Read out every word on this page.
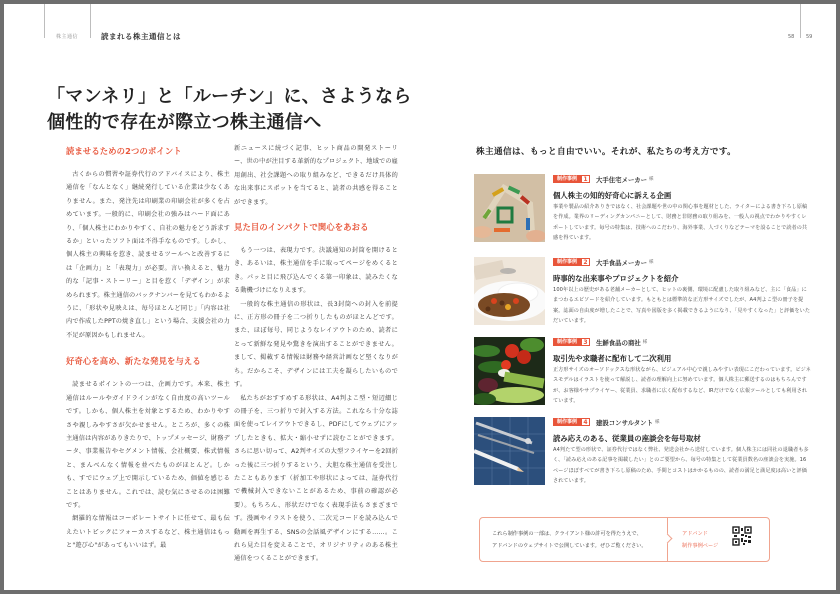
株主通信	読まれる株主通信とは	58 59
「マンネリ」と「ルーチン」に、さようなら
個性的で存在が際立つ株主通信へ
読ませるための2つのポイント

古くからの慣習や証券代行のアドバイスにより、株主通信を「なんとなく」継続発行している企業は少なくありません。また、発注先は印刷業の印刷会社が多くを占めています。一般的に、印刷会社の強みはハード面にあり、「個人株主にわかりやすく、自社の魅力をどう訴求するか」といったソフト面は不得手なものです。しかし、個人株主の興味を惹き、読ませるツールへと改善するには「企画力」と「表現力」が必要。言い換えると、魅力的な「記事・ストーリー」と目を惹く「デザイン」が求められます。株主通信のバックナンバーを見てもわかるように、「形状や見映えは、毎号ほとんど同じ」「内容は社内で作成したPPTの焼き直し」という場合、支援会社の力不足が原因かもしれません。

好奇心を高め、新たな発見を与える

読ませるポイントの一つは、企画力です。本来、株主通信はルールやガイドラインがなく自由度の高いツールです。しかも、個人株主を対象とするため、わかりやすさや親しみやすさが欠かせません。ところが、多くの株主通信は内容がありきたりで、トップメッセージ、財務データ、事業報告やセグメント情報、会社概要、株式情報と、まんべんなく情報を並べたものがほとんど。しかも、すでにウェブ上で開示しているため、価値を感じることはありません。これでは、読む気にさせるのは困難です。

網羅的な情報はコーポレートサイトに任せて、最も伝えたいトピックにフォーカスするなど、株主通信はもっと"遊び心"があってもいいはず。最

新ニュースに続づく記事、ヒット商品の開発ストーリー、世の中が注目する革新的なプロジェクト、地域での雇用創出、社会課題への取り組みなど、できるだけ具体的な出来事にスポットを当てると、読者の共感を得ることができます。

見た目のインパクトで関心をあおる

もう一つは、表現力です。決議通知の封筒を開けるとき、あるいは、株主通信を手に取ってページをめくるとき。パッと目に飛び込んでくる第一印象は、読みたくなる動機づけになりえます。

一般的な株主通信の形状は、長3封筒への封入を前提に、正方形の冊子を二つ折りしたものがほとんどです。また、ほぼ毎号、同じようなレイアウトのため、読者にとって新鮮な発見や驚きを演出することができません。まして、掲載する情報は財務や経営計画など堅くなりがち。だからこそ、デザインには工夫を凝らしたいものです。

私たちがおすすめする形状は、A4判よこ型・短辺綴じの冊子を、三つ折りで封入する方法。これなら十分な誌面を使ってレイアウトできるし、PDFにしてウェブにアップしたときも、拡大・縮小せずに読むことができます。さらに思い切って、A2判サイズの大型フライヤーを2回折った後に三つ折りするという、大胆な株主通信を受注したこともあります（折加工や形状によっては、証券代行で機械封入できないことがあるため、事前の確認が必要）。もちろん、形状だけでなく表現手法もさまざまです。漫画やイラストを使う、二次元コードを読み込んで動画を再生する、SNSの会話風デザインにする……。これら見た目を変えることで、オリジナリティのある株主通信をつくることができます。

株主通信は、もっと自由でいい。それが、私たちの考え方です。
制作事例	1	大手住宅メーカー 様
個人株主の知的好奇心に訴える企画
事業や製品の紹介ありきではなく、社会課題や世の中の関心事を題材とした、ライターによる書き下ろし原稿を作成。業界のリーディングカンパニーとして、財務と非財務の取り組みを、一般人の視点でわかりやすくレポートしています。毎号の特集は、技術へのこだわり、海外事業、人づくりなどテーマを設ることで読者の共感を得ています。
制作事例	2	大手食品メーカー 様
時事的な出来事やプロジェクトを紹介
100年以上の歴史がある老舗メーカーとして、ヒットの裏側、環境に配慮した取り組みなど、主に「食品」にまつわるエピソードを紹介しています。もともとは標準的な正方形サイズでしたが、A4判よこ型の冊子を提案。誌面の自由度が増したことで、写真や図版を多く掲載できるようになり、「見やすくなった」と評価をいただいています。
制作事例	3	生鮮食品の商社 様
取引先や求職者に配布して二次利用
正方形サイズのオーソドックスな形状ながら、ビジュアル中心で親しみやすい表現にこだわっています。ビジネスモデルはイラストを使って解説し、読者の理解向上に努めています。個人株主に郵送するのはもちろんですが、お客様やサプライヤー、従業員、求職者に広く配布するなど、IRだけでなく広報ツールとしても利用されています。
制作事例	4	建設コンサルタント 様
読み応えのある、従業員の座談会を毎号取材
A4判たて型の形状で、証券代行ではなく弊社、発送会社から送付しています。個人株主には同社の退職者も多く、「読み応えのある記事を掲載したい」とのご要望から、毎号の特集として従業員数名の座談会を実施。16ページほぼすべてが書き下ろし原稿のため、手間とコストはかかるものの、読者の満足と満足度は高いと評価されています。
これら制作事例の一部は、クライアント様の許可を得たうえで、
アドバンドのウェブサイトで公開しています。ぜひご覧ください。
アドバンド
制作事例ページ
